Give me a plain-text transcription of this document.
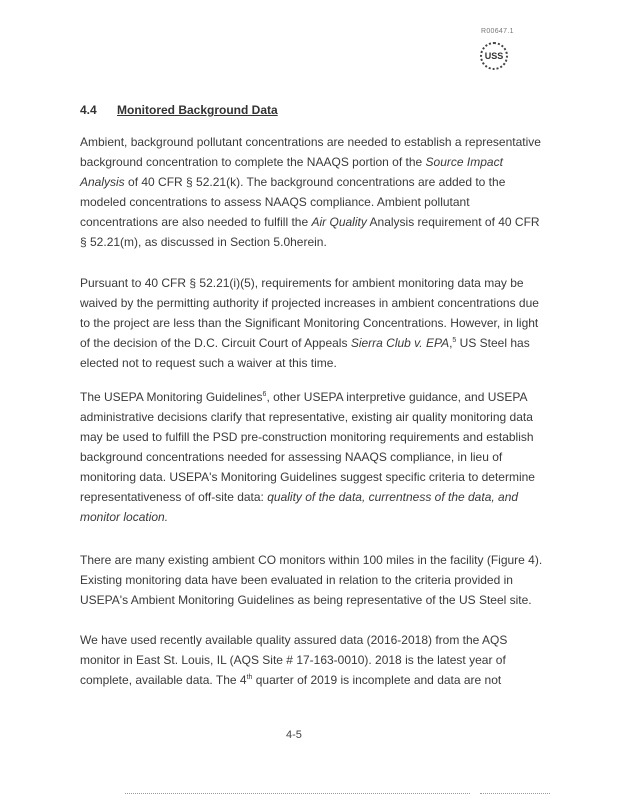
R00647.1
USS
4.4 Monitored Background Data
Ambient, background pollutant concentrations are needed to establish a representative
background concentration to complete the NAAQS portion of the Source Impact
Analysis of 40 CFR § 52.21(k). The background concentrations are added to the
modeled concentrations to assess NAAQS compliance. Ambient pollutant
concentrations are also needed to fulfill the Air Quality Analysis requirement of 40 CFR
§ 52.21(m), as discussed in Section 5.0herein.
Pursuant to 40 CFR § 52.21(i)(5), requirements for ambient monitoring data may be
waived by the permitting authority if projected increases in ambient concentrations due
to the project are less than the Significant Monitoring Concentrations. However, in light
of the decision of the D.C. Circuit Court of Appeals Sierra Club v. EPA,$^5$ US Steel has
elected not to request such a waiver at this time.
The USEPA Monitoring Guidelines$^6$, other USEPA interpretive guidance, and USEPA
administrative decisions clarify that representative, existing air quality monitoring data
may be used to fulfill the PSD pre-construction monitoring requirements and establish
background concentrations needed for assessing NAAQS compliance, in lieu of
monitoring data. USEPA's Monitoring Guidelines suggest specific criteria to determine
representativeness of off-site data: quality of the data, currentness of the data, and
monitor location.
There are many existing ambient CO monitors within 100 miles in the facility (Figure 4).
Existing monitoring data have been evaluated in relation to the criteria provided in
USEPA's Ambient Monitoring Guidelines as being representative of the US Steel site.
We have used recently available quality assured data (2016-2018) from the AQS
monitor in East St. Louis, IL (AQS Site # 17-163-0010). 2018 is the latest year of
complete, available data. The 4th quarter of 2019 is incomplete and data are not
4-5
